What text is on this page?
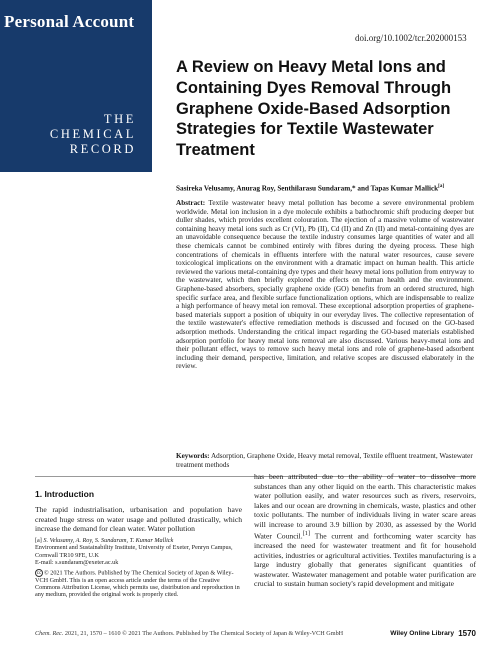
Personal Account
THE
CHEMICAL
RECORD
doi.org/10.1002/tcr.202000153
A Review on Heavy Metal Ions and Containing Dyes Removal Through Graphene Oxide-Based Adsorption Strategies for Textile Wastewater Treatment
Sasireka Velusamy, Anurag Roy, Senthilarasu Sundaram,* and Tapas Kumar Mallick[a]
Abstract: Textile wastewater heavy metal pollution has become a severe environmental problem worldwide. Metal ion inclusion in a dye molecule exhibits a bathochromic shift producing deeper but duller shades, which provides excellent colouration. The ejection of a massive volume of wastewater containing heavy metal ions such as Cr (VI), Pb (II), Cd (II) and Zn (II) and metal-containing dyes are an unavoidable consequence because the textile industry consumes large quantities of water and all these chemicals cannot be combined entirely with fibres during the dyeing process. These high concentrations of chemicals in effluents interfere with the natural water resources, cause severe toxicological implications on the environment with a dramatic impact on human health. This article reviewed the various metal-containing dye types and their heavy metal ions pollution from entryway to the wastewater, which then briefly explored the effects on human health and the environment. Graphene-based absorbers, specially graphene oxide (GO) benefits from an ordered structured, high specific surface area, and flexible surface functionalization options, which are indispensable to realize a high performance of heavy metal ion removal. These exceptional adsorption properties of graphene-based materials support a position of ubiquity in our everyday lives. The collective representation of the textile wastewater's effective remediation methods is discussed and focused on the GO-based adsorption methods. Understanding the critical impact regarding the GO-based materials established adsorption portfolio for heavy metal ions removal are also discussed. Various heavy-metal ions and their pollutant effect, ways to remove such heavy metal ions and role of graphene-based adsorbent including their demand, perspective, limitation, and relative scopes are discussed elaborately in the review.
Keywords: Adsorption, Graphene Oxide, Heavy metal removal, Textile effluent treatment, Wastewater treatment methods
1. Introduction

The rapid industrialisation, urbanisation and population have created huge stress on water usage and polluted drastically, which increase the demand for clean water. Water pollution

[a] S. Velusamy, A. Roy, S. Sundaram, T. Kumar Mallick
Environment and Sustainability Institute, University of Exeter, Penryn Campus, Cornwall TR10 9FE, U.K
E-mail: s.sundaram@exeter.ac.uk
cc © 2021 The Authors. Published by The Chemical Society of Japan & Wiley-VCH GmbH. This is an open access article under the terms of the Creative Commons Attribution License, which permits use, distribution and reproduction in any medium, provided the original work is properly cited.
has been attributed due to the ability of water to dissolve more substances than any other liquid on the earth. This characteristic makes water pollution easily, and water resources such as rivers, reservoirs, lakes and our ocean are drowning in chemicals, waste, plastics and other toxic pollutants. The number of individuals living in water scare areas will increase to around 3.9 billion by 2030, as assessed by the World Water Council.[1] The current and forthcoming water scarcity has increased the need for wastewater treatment and fit for household activities, industries or agricultural activities. Textiles manufacturing is a large industry globally that generates significant quantities of wastewater. Wastewater management and potable water purification are crucial to sustain human society's rapid development and mitigate
Chem. Rec. 2021, 21, 1570 – 1610 © 2021 The Authors. Published by The Chemical Society of Japan & Wiley-VCH GmbH	Wiley Online Library 1570
